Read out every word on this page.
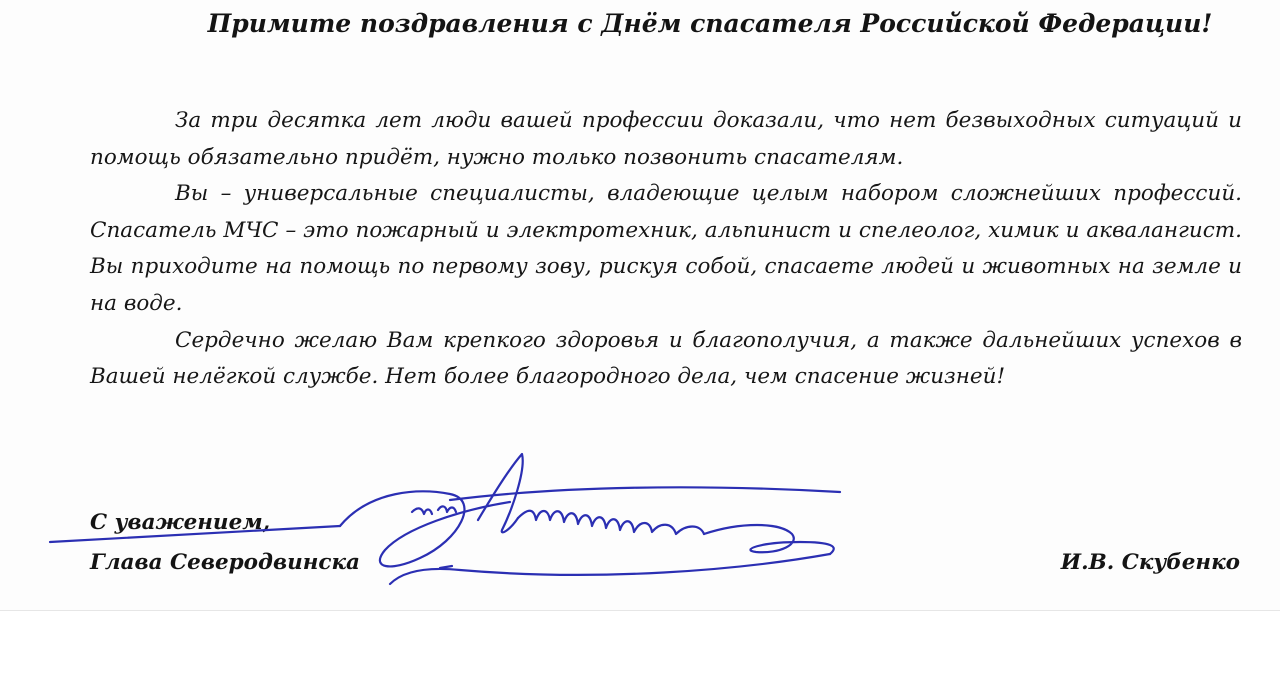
Примите поздравления с Днём спасателя Российской Федерации!

За три десятка лет люди вашей профессии доказали, что нет безвыходных ситуаций и помощь обязательно придёт, нужно только позвонить спасателям.

Вы – универсальные специалисты, владеющие целым набором сложнейших профессий. Спасатель МЧС – это пожарный и электротехник, альпинист и спелеолог, химик и аквалангист. Вы приходите на помощь по первому зову, рискуя собой, спасаете людей и животных на земле и на воде.

Сердечно желаю Вам крепкого здоровья и благополучия, а также дальнейших успехов в Вашей нелёгкой службе. Нет более благородного дела, чем спасение жизней!

С уважением,
Глава Северодвинска	И.В. Скубенко
